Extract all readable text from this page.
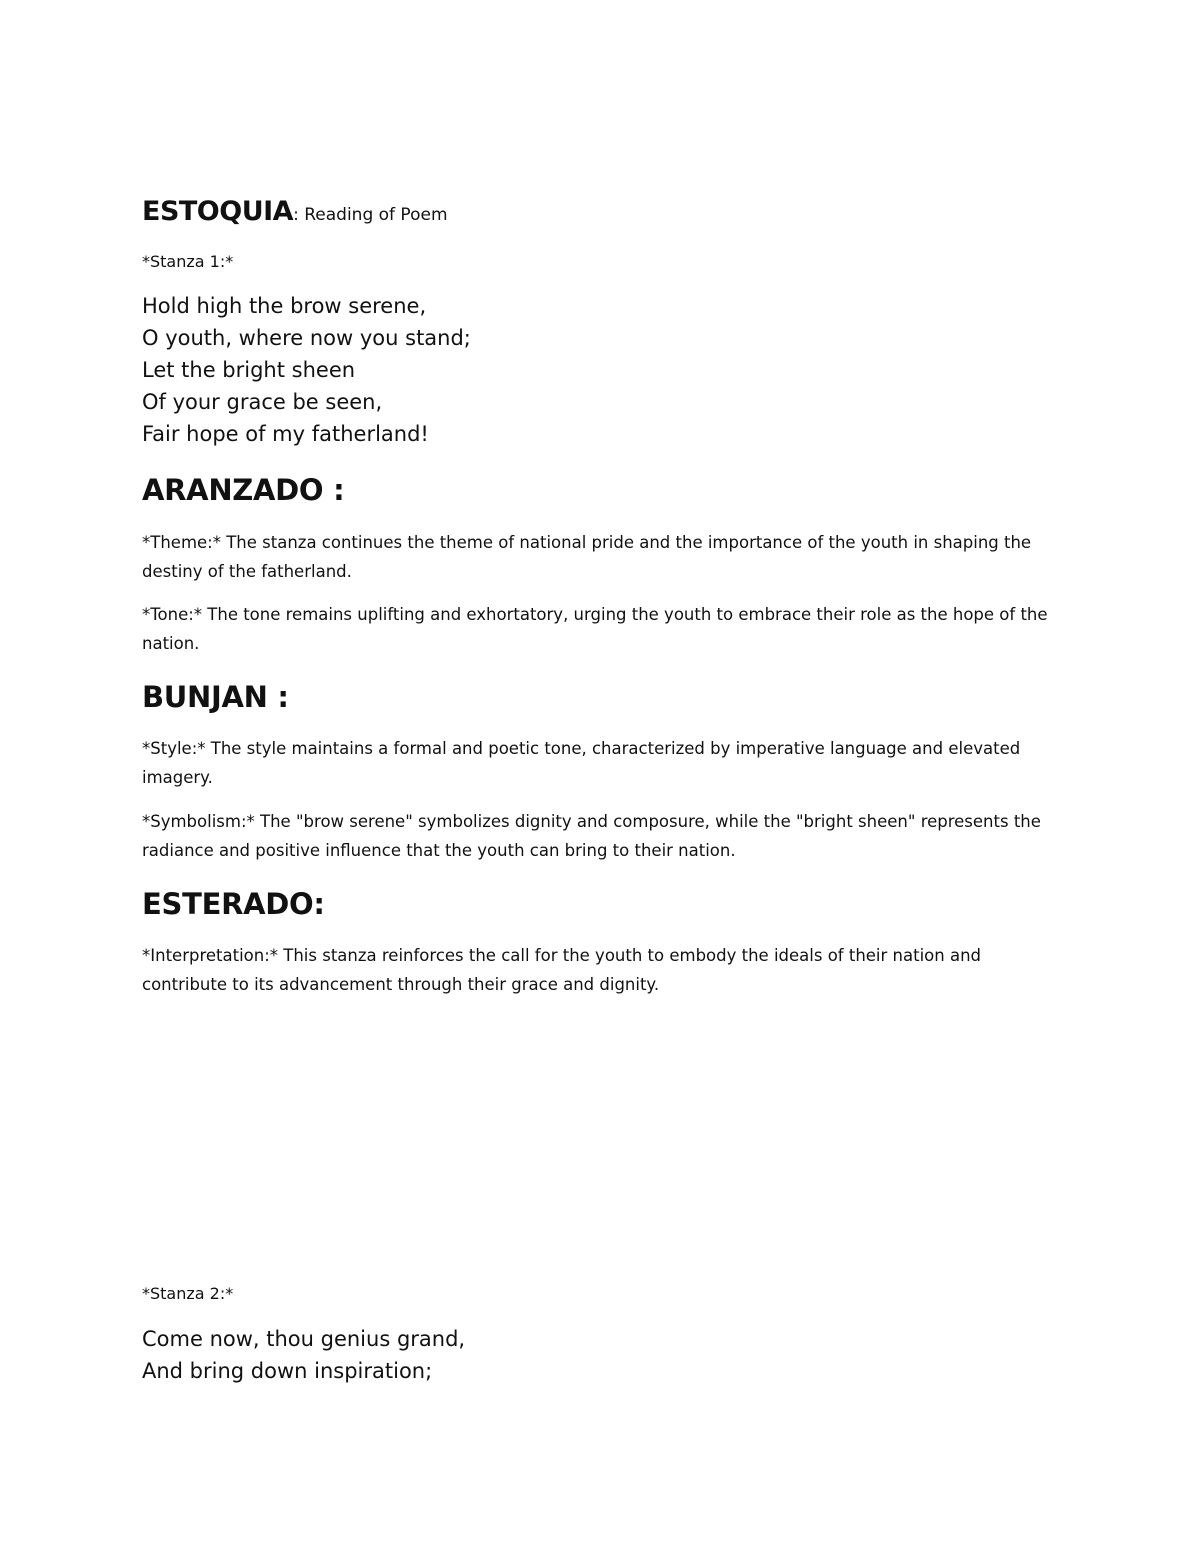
ESTOQUIA: Reading of Poem
*Stanza 1:*
Hold high the brow serene,
O youth, where now you stand;
Let the bright sheen
Of your grace be seen,
Fair hope of my fatherland!
ARANZADO :

*Theme:* The stanza continues the theme of national pride and the importance of the youth in shaping the destiny of the fatherland.

*Tone:* The tone remains uplifting and exhortatory, urging the youth to embrace their role as the hope of the nation.

BUNJAN :

*Style:* The style maintains a formal and poetic tone, characterized by imperative language and elevated imagery.

*Symbolism:* The "brow serene" symbolizes dignity and composure, while the "bright sheen" represents the radiance and positive influence that the youth can bring to their nation.

ESTERADO:

*Interpretation:* This stanza reinforces the call for the youth to embody the ideals of their nation and contribute to its advancement through their grace and dignity.

*Stanza 2:*
Come now, thou genius grand,
And bring down inspiration;
